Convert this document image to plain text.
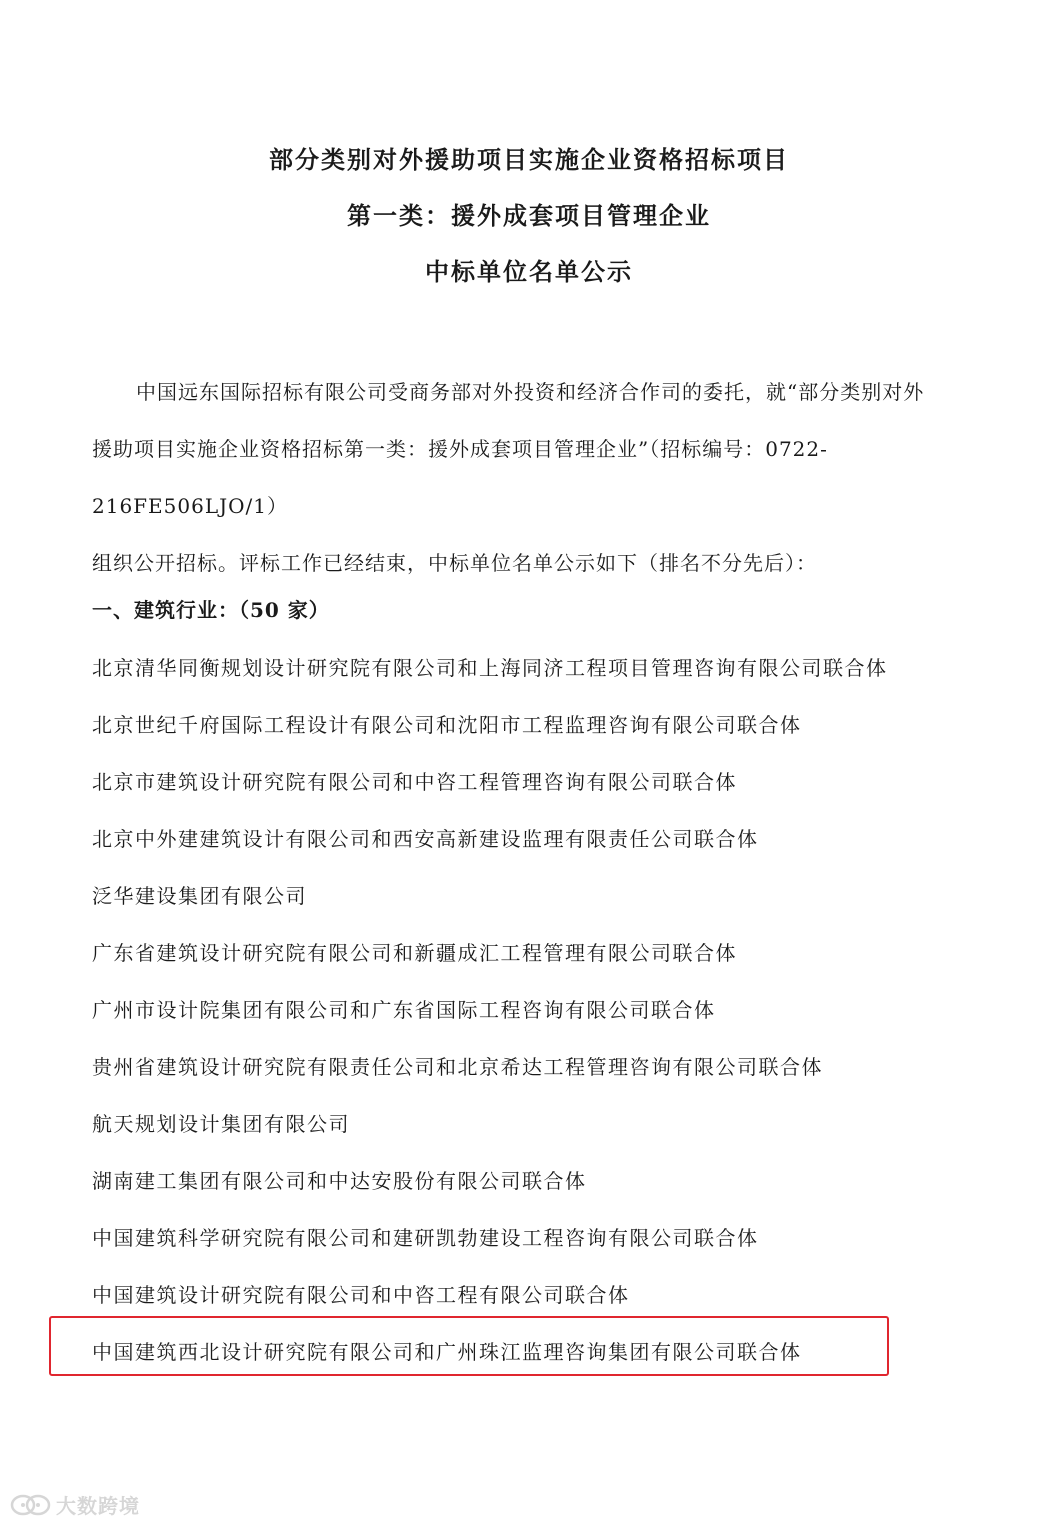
部分类别对外援助项目实施企业资格招标项目
第一类：援外成套项目管理企业
中标单位名单公示

中国远东国际招标有限公司受商务部对外投资和经济合作司的委托，就“部分类别对外

援助项目实施企业资格招标第一类：援外成套项目管理企业”（招标编号：0722-216FE506LJO/1）

组织公开招标。评标工作已经结束，中标单位名单公示如下（排名不分先后）：

一、建筑行业：（50 家）
北京清华同衡规划设计研究院有限公司和上海同济工程项目管理咨询有限公司联合体
北京世纪千府国际工程设计有限公司和沈阳市工程监理咨询有限公司联合体
北京市建筑设计研究院有限公司和中咨工程管理咨询有限公司联合体
北京中外建建筑设计有限公司和西安高新建设监理有限责任公司联合体
泛华建设集团有限公司
广东省建筑设计研究院有限公司和新疆成汇工程管理有限公司联合体
广州市设计院集团有限公司和广东省国际工程咨询有限公司联合体
贵州省建筑设计研究院有限责任公司和北京希达工程管理咨询有限公司联合体
航天规划设计集团有限公司
湖南建工集团有限公司和中达安股份有限公司联合体
中国建筑科学研究院有限公司和建研凯勃建设工程咨询有限公司联合体
中国建筑设计研究院有限公司和中咨工程有限公司联合体
中国建筑西北设计研究院有限公司和广州珠江监理咨询集团有限公司联合体
大数跨境
